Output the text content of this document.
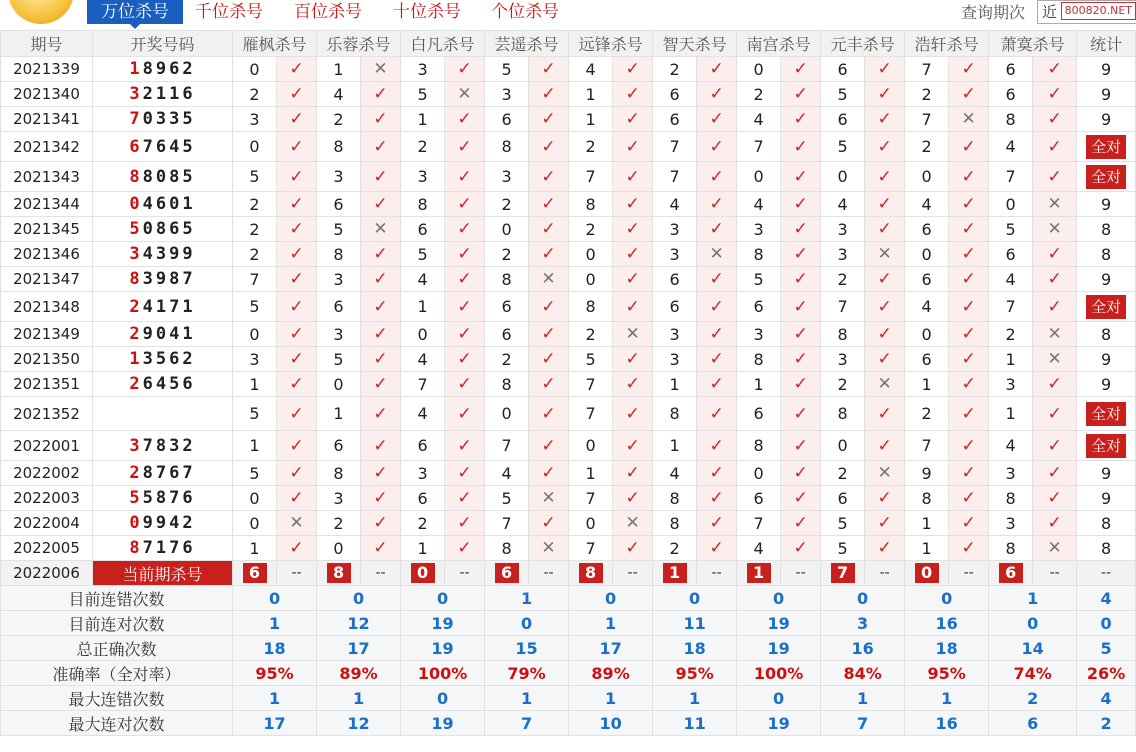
万位杀号	千位杀号 百位杀号 十位杀号 个位杀号	查询期次	近 800820.NET
期号	开奖号码	雁枫杀号		乐蓉杀号		白凡杀号		芸遥杀号		远锋杀号		智天杀号		南宫杀号		元丰杀号		浩轩杀号		萧寞杀号		统计
2021339	18962	0	✓	1	✕	3	✓	5	✓	4	✓	2	✓	0	✓	6	✓	7	✓	6	✓	9
2021340	32116	2	✓	4	✓	5	✕	3	✓	1	✓	6	✓	2	✓	5	✓	2	✓	6	✓	9
2021341	70335	3	✓	2	✓	1	✓	6	✓	1	✓	6	✓	4	✓	6	✓	7	✕	8	✓	9
2021342	67645	0	✓	8	✓	2	✓	8	✓	2	✓	7	✓	7	✓	5	✓	2	✓	4	✓	全对
2021343	88085	5	✓	3	✓	3	✓	3	✓	7	✓	7	✓	0	✓	0	✓	0	✓	7	✓	全对
2021344	04601	2	✓	6	✓	8	✓	2	✓	8	✓	4	✓	4	✓	4	✓	4	✓	0	✕	9
2021345	50865	2	✓	5	✕	6	✓	0	✓	2	✓	3	✓	3	✓	3	✓	6	✓	5	✕	8
2021346	34399	2	✓	8	✓	5	✓	2	✓	0	✓	3	✕	8	✓	3	✕	0	✓	6	✓	8
2021347	83987	7	✓	3	✓	4	✓	8	✕	0	✓	6	✓	5	✓	2	✓	6	✓	4	✓	9
2021348	24171	5	✓	6	✓	1	✓	6	✓	8	✓	6	✓	6	✓	7	✓	4	✓	7	✓	全对
2021349	29041	0	✓	3	✓	0	✓	6	✓	2	✕	3	✓	3	✓	8	✓	0	✓	2	✕	8
2021350	13562	3	✓	5	✓	4	✓	2	✓	5	✓	3	✓	8	✓	3	✓	6	✓	1	✕	9
2021351	26456	1	✓	0	✓	7	✓	8	✓	7	✓	1	✓	1	✓	2	✕	1	✓	3	✓	9
2021352		5	✓	1	✓	4	✓	0	✓	7	✓	8	✓	6	✓	8	✓	2	✓	1	✓	全对
2022001	37832	1	✓	6	✓	6	✓	7	✓	0	✓	1	✓	8	✓	0	✓	7	✓	4	✓	全对
2022002	28767	5	✓	8	✓	3	✓	4	✓	1	✓	4	✓	0	✓	2	✕	9	✓	3	✓	9
2022003	55876	0	✓	3	✓	6	✓	5	✕	7	✓	8	✓	6	✓	6	✓	8	✓	8	✓	9
2022004	09942	0	✕	2	✓	2	✓	7	✓	0	✕	8	✓	7	✓	5	✓	1	✓	3	✓	8
2022005	87176	1	✓	0	✓	1	✓	8	✕	7	✓	2	✓	4	✓	5	✓	1	✓	8	✕	8
2022006	当前期杀号	6	--	8	--	0	--	6	--	8	--	1	--	1	--	7	--	0	--	6	--	--
目前连错次数		0		0		0		1		0		0		0		0		0		1		4
目前连对次数		1		12		19		0		1		11		19		3		16		0		0
总正确次数		18		17		19		15		17		18		19		16		18		14		5
准确率（全对率）		95%		89%		100%		79%		89%		95%		100%		84%		95%		74%		26%
最大连错次数		1		1		0		1		1		1		0		1		1		2		4
最大连对次数		17		12		19		7		10		11		19		7		16		6		2
